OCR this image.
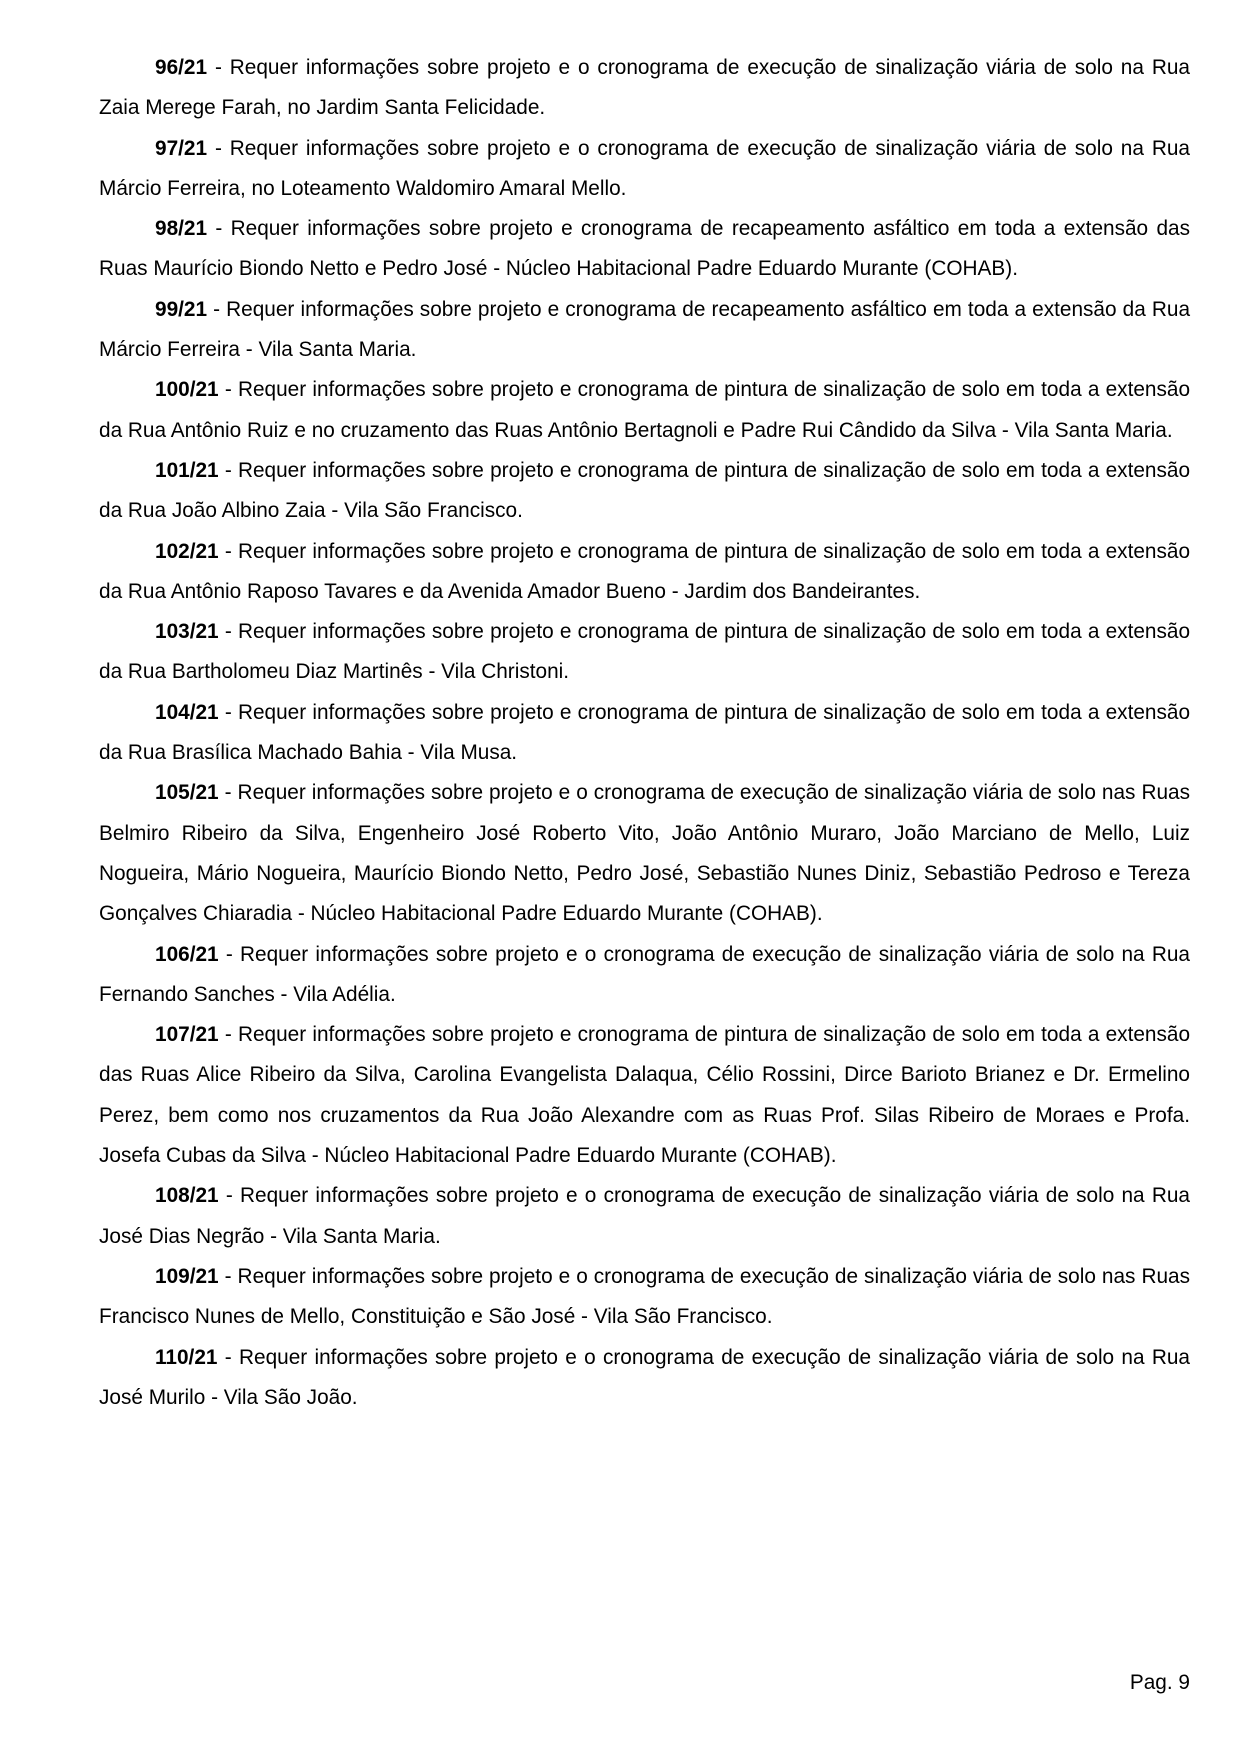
96/21 - Requer informações sobre projeto e o cronograma de execução de sinalização viária de solo na Rua Zaia Merege Farah, no Jardim Santa Felicidade.

97/21 - Requer informações sobre projeto e o cronograma de execução de sinalização viária de solo na Rua Márcio Ferreira, no Loteamento Waldomiro Amaral Mello.

98/21 - Requer informações sobre projeto e cronograma de recapeamento asfáltico em toda a extensão das Ruas Maurício Biondo Netto e Pedro José - Núcleo Habitacional Padre Eduardo Murante (COHAB).

99/21 - Requer informações sobre projeto e cronograma de recapeamento asfáltico em toda a extensão da Rua Márcio Ferreira - Vila Santa Maria.

100/21 - Requer informações sobre projeto e cronograma de pintura de sinalização de solo em toda a extensão da Rua Antônio Ruiz e no cruzamento das Ruas Antônio Bertagnoli e Padre Rui Cândido da Silva - Vila Santa Maria.

101/21 - Requer informações sobre projeto e cronograma de pintura de sinalização de solo em toda a extensão da Rua João Albino Zaia - Vila São Francisco.

102/21 - Requer informações sobre projeto e cronograma de pintura de sinalização de solo em toda a extensão da Rua Antônio Raposo Tavares e da Avenida Amador Bueno - Jardim dos Bandeirantes.

103/21 - Requer informações sobre projeto e cronograma de pintura de sinalização de solo em toda a extensão da Rua Bartholomeu Diaz Martinês - Vila Christoni.

104/21 - Requer informações sobre projeto e cronograma de pintura de sinalização de solo em toda a extensão da Rua Brasílica Machado Bahia - Vila Musa.

105/21 - Requer informações sobre projeto e o cronograma de execução de sinalização viária de solo nas Ruas Belmiro Ribeiro da Silva, Engenheiro José Roberto Vito, João Antônio Muraro, João Marciano de Mello, Luiz Nogueira, Mário Nogueira, Maurício Biondo Netto, Pedro José, Sebastião Nunes Diniz, Sebastião Pedroso e Tereza Gonçalves Chiaradia - Núcleo Habitacional Padre Eduardo Murante (COHAB).

106/21 - Requer informações sobre projeto e o cronograma de execução de sinalização viária de solo na Rua Fernando Sanches - Vila Adélia.

107/21 - Requer informações sobre projeto e cronograma de pintura de sinalização de solo em toda a extensão das Ruas Alice Ribeiro da Silva, Carolina Evangelista Dalaqua, Célio Rossini, Dirce Barioto Brianez e Dr. Ermelino Perez, bem como nos cruzamentos da Rua João Alexandre com as Ruas Prof. Silas Ribeiro de Moraes e Profa. Josefa Cubas da Silva - Núcleo Habitacional Padre Eduardo Murante (COHAB).

108/21 - Requer informações sobre projeto e o cronograma de execução de sinalização viária de solo na Rua José Dias Negrão - Vila Santa Maria.

109/21 - Requer informações sobre projeto e o cronograma de execução de sinalização viária de solo nas Ruas Francisco Nunes de Mello, Constituição e São José - Vila São Francisco.

110/21 - Requer informações sobre projeto e o cronograma de execução de sinalização viária de solo na Rua José Murilo - Vila São João.

Pag. 9
